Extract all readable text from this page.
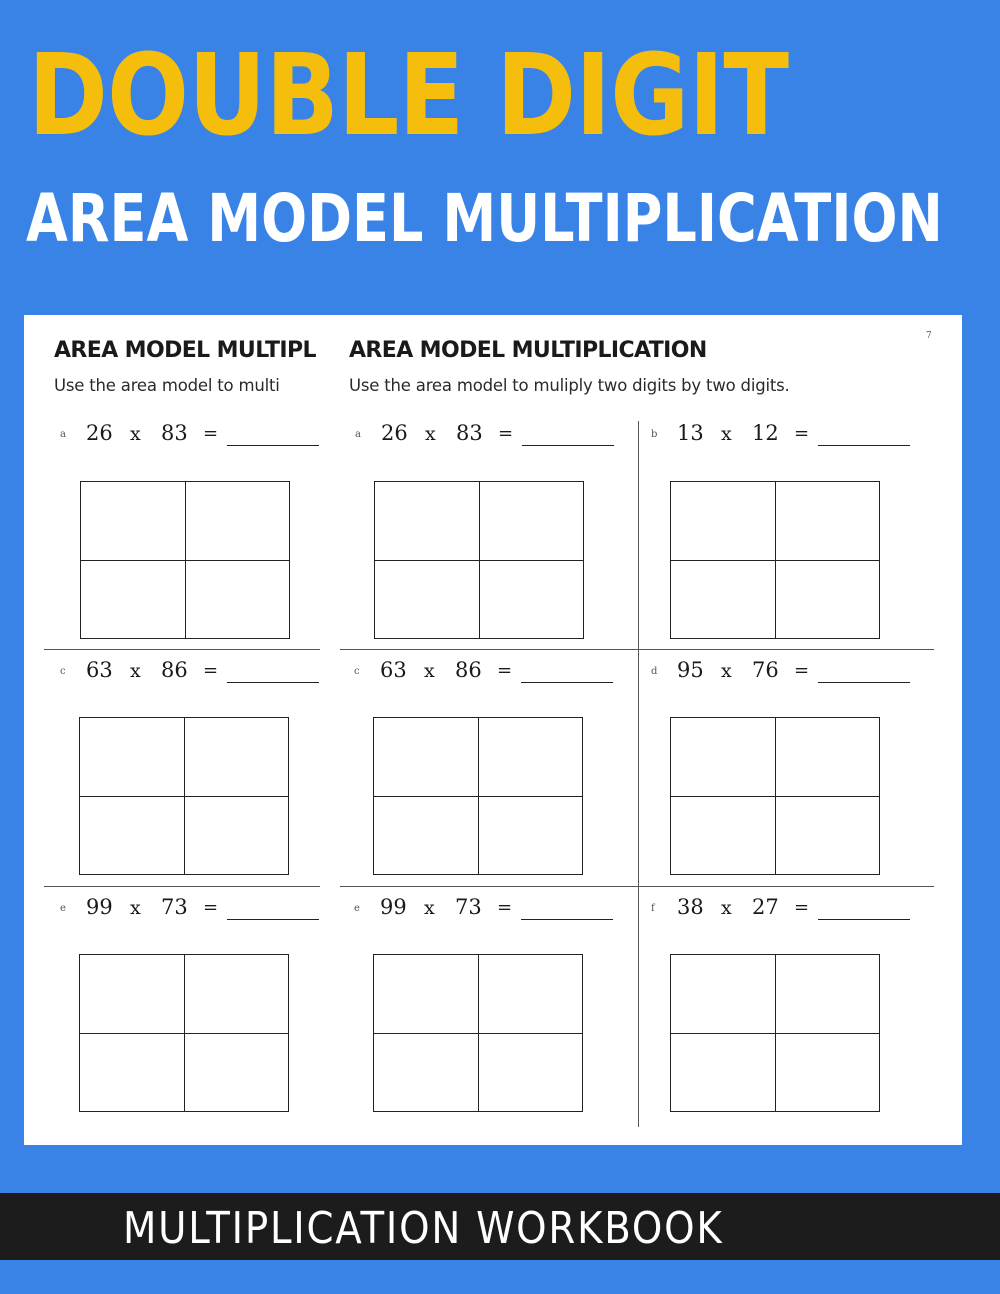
DOUBLE DIGIT
AREA MODEL MULTIPLICATION
7
AREA MODEL MULTIPL
Use the area model to multi
a 26 x 83 =
c 63 x 86 =
e 99 x 73 =
AREA MODEL MULTIPLICATION
Use the area model to muliply two digits by two digits.
a 26 x 83 =	b 13 x 12 =
c 63 x 86 =	d 95 x 76 =
e 99 x 73 =	f 38 x 27 =
MULTIPLICATION WORKBOOK
